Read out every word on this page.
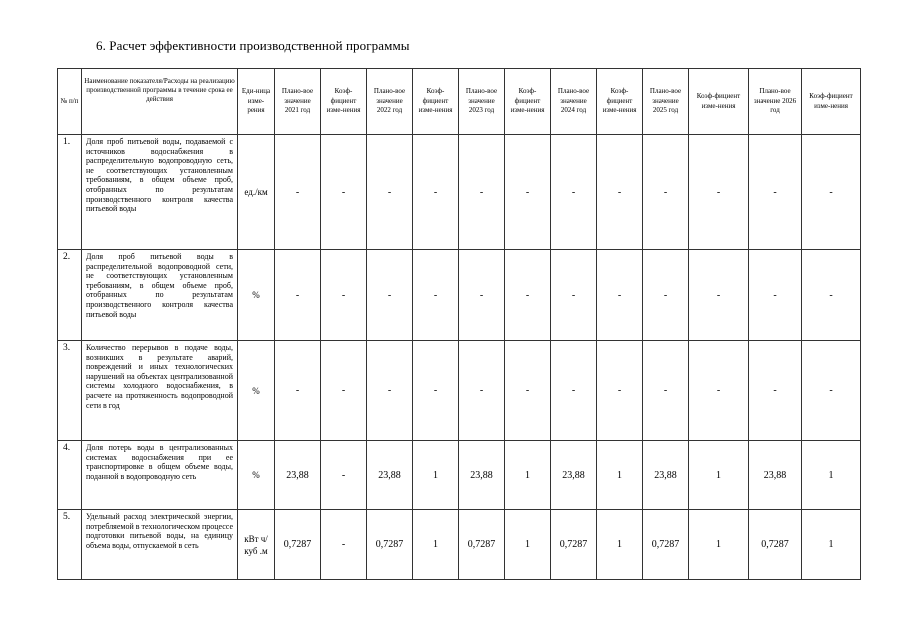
6. Расчет эффективности производственной программы
№ п/п	Наименование показателя/Расходы на реализацию производственной программы в течение срока ее действия	Еди-ница изме-рения	Плано-вое значение 2021 год	Коэф-фициент изме-нения	Плано-вое значение 2022 год	Коэф-фициент изме-нения	Плано-вое значение 2023 год	Коэф-фициент изме-нения	Плано-вое значение 2024 год	Коэф-фициент изме-нения	Плано-вое значение 2025 год	Коэф-фициент изме-нения	Плано-вое значение 2026 год	Коэф-фициент изме-нения
1.	Доля проб питьевой воды, подаваемой с источников водоснабжения в распределительную водопроводную сеть, не соответствующих установленным требованиям, в общем объеме проб, отобранных по результатам производственного контроля качества питьевой воды	ед./км	-	-	-	-	-	-	-	-	-	-	-	-
2.	Доля проб питьевой воды в распределительной водопроводной сети, не соответствующих установленным требованиям, в общем объеме проб, отобранных по результатам производственного контроля качества питьевой воды	%	-	-	-	-	-	-	-	-	-	-	-	-
3.	Количество перерывов в подаче воды, возникших в результате аварий, повреждений и иных технологических нарушений на объектах централизованной системы холодного водоснабжения, в расчете на протяженность водопроводной сети в год	%	-	-	-	-	-	-	-	-	-	-	-	-
4.	Доля потерь воды в централизованных системах водоснабжения при ее транспортировке в общем объеме воды, поданной в водопроводную сеть	%	23,88	-	23,88	1	23,88	1	23,88	1	23,88	1	23,88	1
5.	Удельный расход электрической энергии, потребляемой в технологическом процессе подготовки питьевой воды, на единицу объема воды, отпускаемой в сеть	кВт ч/куб .м	0,7287	-	0,7287	1	0,7287	1	0,7287	1	0,7287	1	0,7287	1
